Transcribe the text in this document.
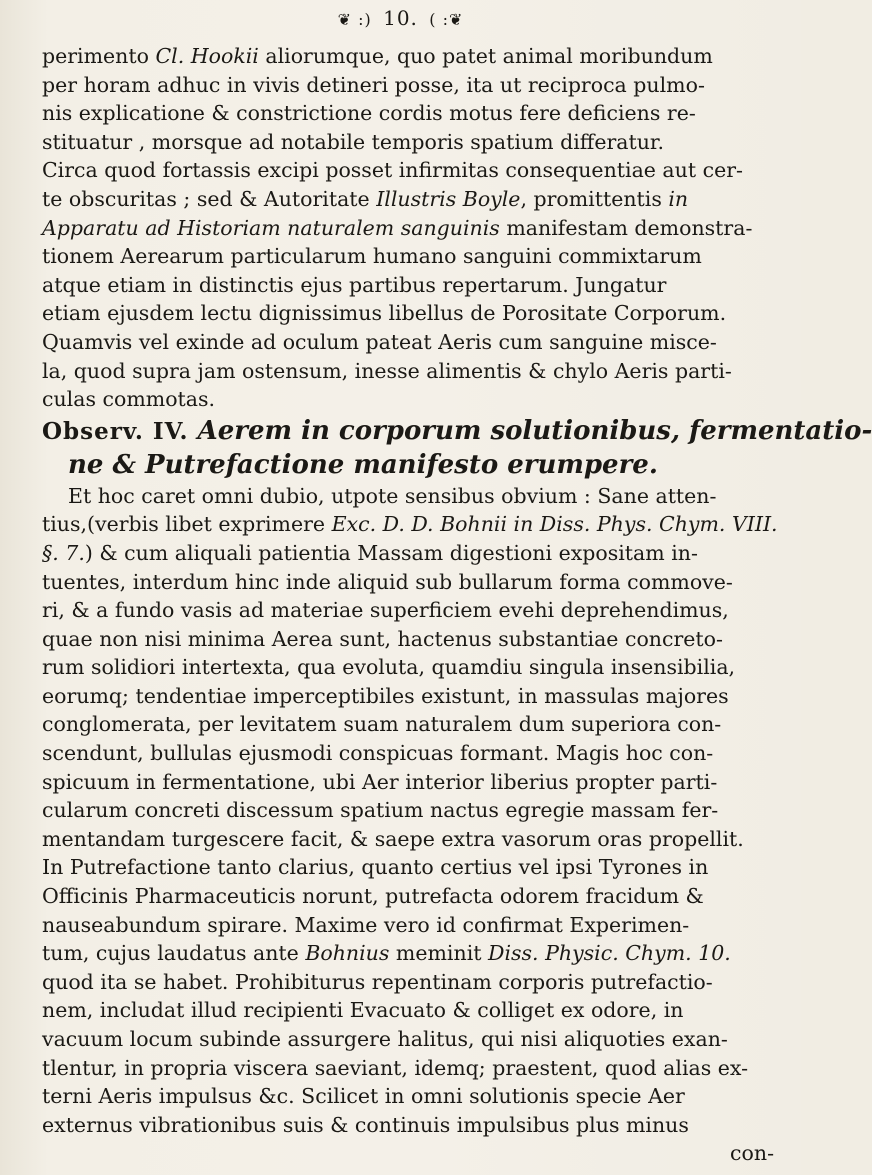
❦ :) 10. ( :❦
perimento Cl. Hookii aliorumque, quo patet animal moribundum
per horam adhuc in vivis detineri posse, ita ut reciproca pulmo-
nis explicatione & constrictione cordis motus fere deficiens re-
stituatur , morsque ad notabile temporis spatium differatur.
Circa quod fortassis excipi posset infirmitas consequentiae aut cer-
te obscuritas ; sed & Autoritate Illustris Boyle, promittentis in
Apparatu ad Historiam naturalem sanguinis manifestam demonstra-
tionem Aerearum particularum humano sanguini commixtarum
atque etiam in distinctis ejus partibus repertarum. Jungatur
etiam ejusdem lectu dignissimus libellus de Porositate Corporum.
Quamvis vel exinde ad oculum pateat Aeris cum sanguine misce-
la, quod supra jam ostensum, inesse alimentis & chylo Aeris parti-
culas commotas.
Observ. IV. Aerem in corporum solutionibus, fermentatio-
ne & Putrefactione manifesto erumpere.
Et hoc caret omni dubio, utpote sensibus obvium : Sane atten-
tius,(verbis libet exprimere Exc. D. D. Bohnii in Diss. Phys. Chym. VIII.
§. 7.) & cum aliquali patientia Massam digestioni expositam in-
tuentes, interdum hinc inde aliquid sub bullarum forma commove-
ri, & a fundo vasis ad materiae superficiem evehi deprehendimus,
quae non nisi minima Aerea sunt, hactenus substantiae concreto-
rum solidiori intertexta, qua evoluta, quamdiu singula insensibilia,
eorumq; tendentiae imperceptibiles existunt, in massulas majores
conglomerata, per levitatem suam naturalem dum superiora con-
scendunt, bullulas ejusmodi conspicuas formant. Magis hoc con-
spicuum in fermentatione, ubi Aer interior liberius propter parti-
cularum concreti discessum spatium nactus egregie massam fer-
mentandam turgescere facit, & saepe extra vasorum oras propellit.
In Putrefactione tanto clarius, quanto certius vel ipsi Tyrones in
Officinis Pharmaceuticis norunt, putrefacta odorem fracidum &
nauseabundum spirare. Maxime vero id confirmat Experimen-
tum, cujus laudatus ante Bohnius meminit Diss. Physic. Chym. 10.
quod ita se habet. Prohibiturus repentinam corporis putrefactio-
nem, includat illud recipienti Evacuato & colliget ex odore, in
vacuum locum subinde assurgere halitus, qui nisi aliquoties exan-
tlentur, in propria viscera saeviant, idemq; praestent, quod alias ex-
terni Aeris impulsus &c. Scilicet in omni solutionis specie Aer
externus vibrationibus suis & continuis impulsibus plus minus
con-
